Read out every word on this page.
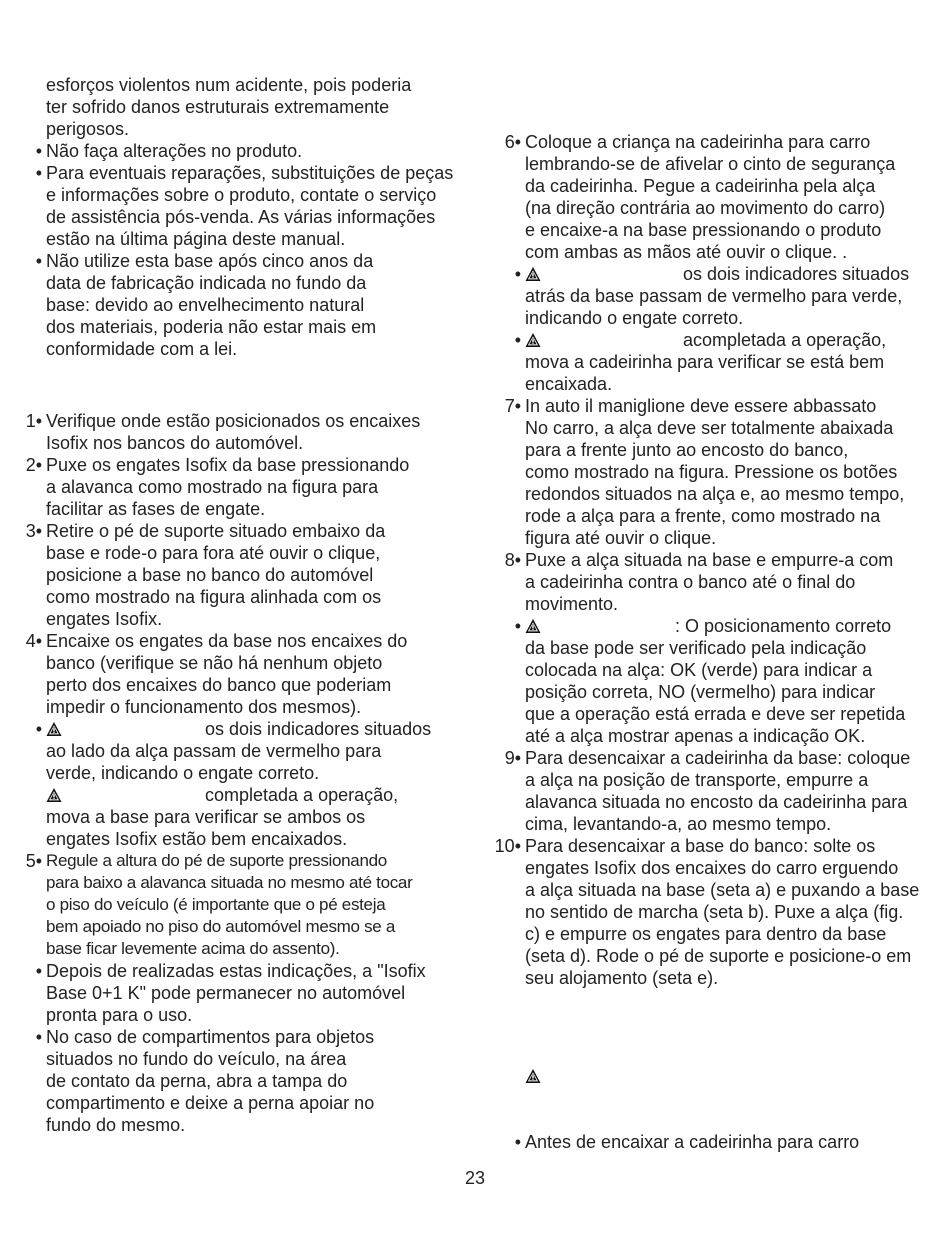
esforços violentos num acidente, pois poderia
ter sofrido danos estruturais extremamente
perigosos.
• Não faça alterações no produto.
• Para eventuais reparações, substituições de peças
e informações sobre o produto, contate o serviço
de assistência pós-venda. As várias informações
estão na última página deste manual.
• Não utilize esta base após cinco anos da
data de fabricação indicada no fundo da
base: devido ao envelhecimento natural
dos materiais, poderia não estar mais em
conformidade com a lei.
1• Verifique onde estão posicionados os encaixes
Isofix nos bancos do automóvel.
2• Puxe os engates Isofix da base pressionando
a alavanca como mostrado na figura para
facilitar as fases de engate.
3• Retire o pé de suporte situado embaixo da
base e rode-o para fora até ouvir o clique,
posicione a base no banco do automóvel
como mostrado na figura alinhada com os
engates Isofix.
4• Encaixe os engates da base nos encaixes do
banco (verifique se não há nenhum objeto
perto dos encaixes do banco que poderiam
impedir o funcionamento dos mesmos).
•	os dois indicadores situados
ao lado da alça passam de vermelho para
verde, indicando o engate correto.
completada a operação,
mova a base para verificar se ambos os
engates Isofix estão bem encaixados.
5• Regule a altura do pé de suporte pressionando
para baixo a alavanca situada no mesmo até tocar
o piso do veículo (é importante que o pé esteja
bem apoiado no piso do automóvel mesmo se a
base ficar levemente acima do assento).
• Depois de realizadas estas indicações, a "Isofix
Base 0+1 K" pode permanecer no automóvel
pronta para o uso.
• No caso de compartimentos para objetos
situados no fundo do veículo, na área
de contato da perna, abra a tampa do
compartimento e deixe a perna apoiar no
fundo do mesmo.
6• Coloque a criança na cadeirinha para carro
lembrando-se de afivelar o cinto de segurança
da cadeirinha. Pegue a cadeirinha pela alça
(na direção contrária ao movimento do carro)
e encaixe-a na base pressionando o produto
com ambas as mãos até ouvir o clique. .
•	os dois indicadores situados
atrás da base passam de vermelho para verde,
indicando o engate correto.
•	acompletada a operação,
mova a cadeirinha para verificar se está bem
encaixada.
7• In auto il maniglione deve essere abbassato
No carro, a alça deve ser totalmente abaixada
para a frente junto ao encosto do banco,
como mostrado na figura. Pressione os botões
redondos situados na alça e, ao mesmo tempo,
rode a alça para a frente, como mostrado na
figura até ouvir o clique.
8• Puxe a alça situada na base e empurre-a com
a cadeirinha contra o banco até o final do
movimento.
•	: O posicionamento correto
da base pode ser verificado pela indicação
colocada na alça: OK (verde) para indicar a
posição correta, NO (vermelho) para indicar
que a operação está errada e deve ser repetida
até a alça mostrar apenas a indicação OK.
9• Para desencaixar a cadeirinha da base: coloque
a alça na posição de transporte, empurre a
alavanca situada no encosto da cadeirinha para
cima, levantando-a, ao mesmo tempo.
10• Para desencaixar a base do banco: solte os
engates Isofix dos encaixes do carro erguendo
a alça situada na base (seta a) e puxando a base
no sentido de marcha (seta b). Puxe a alça (fig.
c) e empurre os engates para dentro da base
(seta d). Rode o pé de suporte e posicione-o em
seu alojamento (seta e).
• Antes de encaixar a cadeirinha para carro
23
